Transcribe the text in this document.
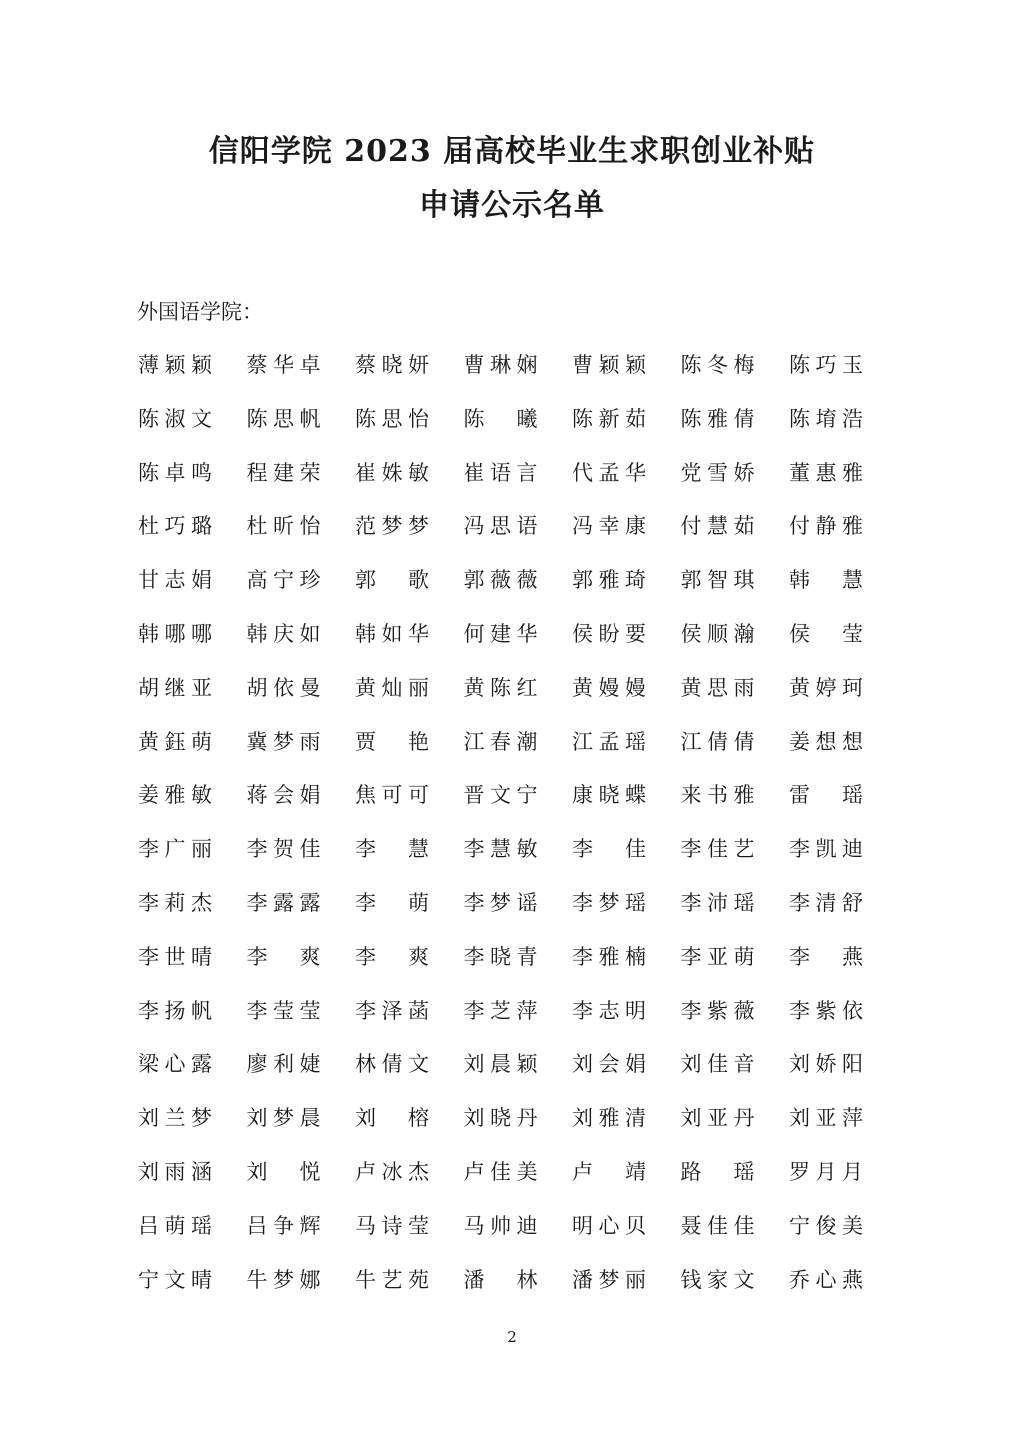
信阳学院 2023 届高校毕业生求职创业补贴
申请公示名单
外国语学院：
薄 颖 颖 蔡 华 卓 蔡 晓 妍 曹 琳 娴 曹 颖 颖 陈 冬 梅 陈 巧 玉
陈 淑 文 陈 思 帆 陈 思 怡 陈 曦 陈 新 茹 陈 雅 倩 陈 堉 浩
陈 卓 鸣 程 建 荣 崔 姝 敏 崔 语 言 代 孟 华 党 雪 娇 董 惠 雅
杜 巧 璐 杜 昕 怡 范 梦 梦 冯 思 语 冯 幸 康 付 慧 茹 付 静 雅
甘 志 娟 高 宁 珍 郭 歌 郭 薇 薇 郭 雅 琦 郭 智 琪 韩 慧
韩 哪 哪 韩 庆 如 韩 如 华 何 建 华 侯 盼 要 侯 顺 瀚 侯 莹
胡 继 亚 胡 依 曼 黄 灿 丽 黄 陈 红 黄 嫚 嫚 黄 思 雨 黄 婷 珂
黄 鈺 萌 冀 梦 雨 贾 艳 江 春 潮 江 孟 瑶 江 倩 倩 姜 想 想
姜 雅 敏 蒋 会 娟 焦 可 可 晋 文 宁 康 晓 蝶 来 书 雅 雷 瑶
李 广 丽 李 贺 佳 李 慧 李 慧 敏 李 佳 李 佳 艺 李 凯 迪
李 莉 杰 李 露 露 李 萌 李 梦 谣 李 梦 瑶 李 沛 瑶 李 清 舒
李 世 晴 李 爽 李 爽 李 晓 青 李 雅 楠 李 亚 萌 李 燕
李 扬 帆 李 莹 莹 李 泽 菡 李 芝 萍 李 志 明 李 紫 薇 李 紫 依
梁 心 露 廖 利 婕 林 倩 文 刘 晨 颖 刘 会 娟 刘 佳 音 刘 娇 阳
刘 兰 梦 刘 梦 晨 刘 榕 刘 晓 丹 刘 雅 清 刘 亚 丹 刘 亚 萍
刘 雨 涵 刘 悦 卢 冰 杰 卢 佳 美 卢 靖 路 瑶 罗 月 月
吕 萌 瑶 吕 争 辉 马 诗 莹 马 帅 迪 明 心 贝 聂 佳 佳 宁 俊 美
宁 文 晴 牛 梦 娜 牛 艺 苑 潘 林 潘 梦 丽 钱 家 文 乔 心 燕
2
